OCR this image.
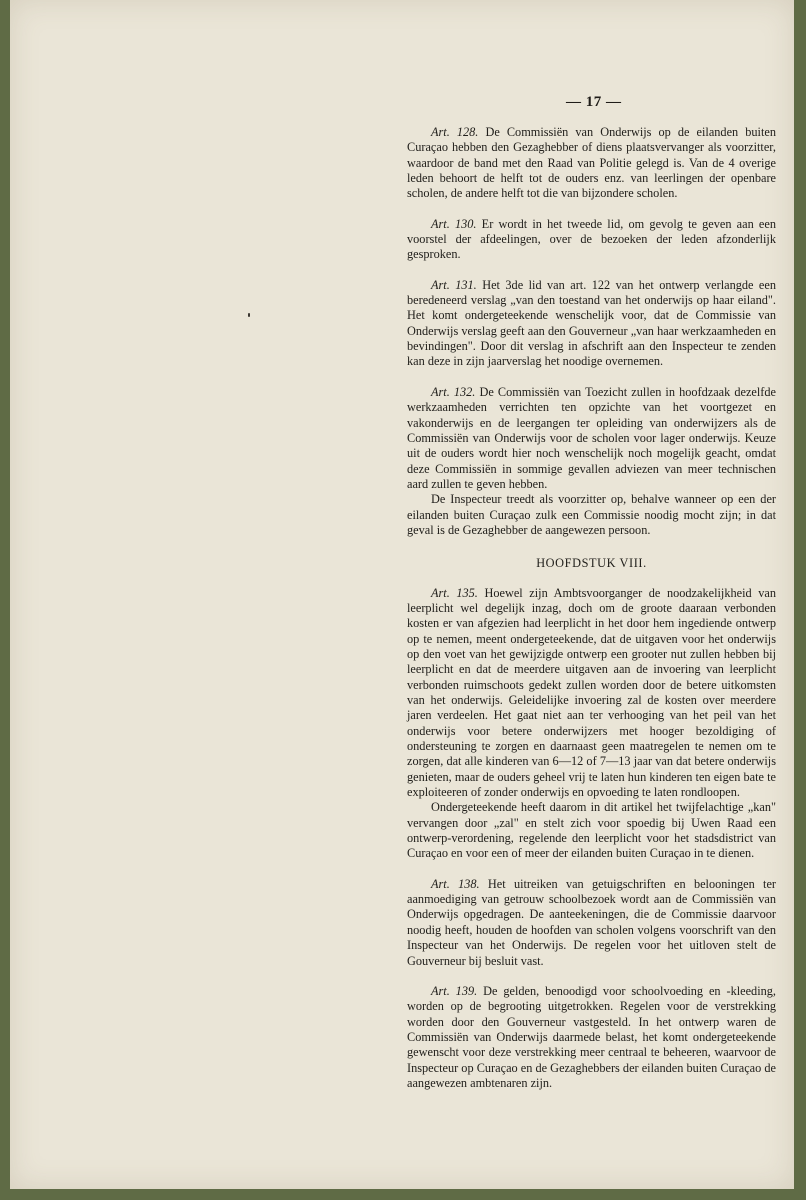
— 17 —

Art. 128. De Commissiën van Onderwijs op de eilanden buiten Curaçao hebben den Gezaghebber of diens plaatsvervanger als voorzitter, waardoor de band met den Raad van Politie gelegd is. Van de 4 overige leden behoort de helft tot de ouders enz. van leerlingen der openbare scholen, de andere helft tot die van bijzondere scholen.

Art. 130. Er wordt in het tweede lid, om gevolg te geven aan een voorstel der afdeelingen, over de bezoeken der leden afzonderlijk gesproken.

Art. 131. Het 3de lid van art. 122 van het ontwerp verlangde een beredeneerd verslag „van den toestand van het onderwijs op haar eiland". Het komt ondergeteekende wenschelijk voor, dat de Commissie van Onderwijs verslag geeft aan den Gouverneur „van haar werkzaamheden en bevindingen". Door dit verslag in afschrift aan den Inspecteur te zenden kan deze in zijn jaarverslag het noodige overnemen.

Art. 132. De Commissiën van Toezicht zullen in hoofdzaak dezelfde werkzaamheden verrichten ten opzichte van het voortgezet en vakonderwijs en de leergangen ter opleiding van onderwijzers als de Commissiën van Onderwijs voor de scholen voor lager onderwijs. Keuze uit de ouders wordt hier noch wenschelijk noch mogelijk geacht, omdat deze Commissiën in sommige gevallen adviezen van meer technischen aard zullen te geven hebben.

De Inspecteur treedt als voorzitter op, behalve wanneer op een der eilanden buiten Curaçao zulk een Commissie noodig mocht zijn; in dat geval is de Gezaghebber de aangewezen persoon.

HOOFDSTUK VIII.

Art. 135. Hoewel zijn Ambtsvoorganger de noodzakelijkheid van leerplicht wel degelijk inzag, doch om de groote daaraan verbonden kosten er van afgezien had leerplicht in het door hem ingediende ontwerp op te nemen, meent ondergeteekende, dat de uitgaven voor het onderwijs op den voet van het gewijzigde ontwerp een grooter nut zullen hebben bij leerplicht en dat de meerdere uitgaven aan de invoering van leerplicht verbonden ruimschoots gedekt zullen worden door de betere uitkomsten van het onderwijs. Geleidelijke invoering zal de kosten over meerdere jaren verdeelen. Het gaat niet aan ter verhooging van het peil van het onderwijs voor betere onderwijzers met hooger bezoldiging of ondersteuning te zorgen en daarnaast geen maatregelen te nemen om te zorgen, dat alle kinderen van 6—12 of 7—13 jaar van dat betere onderwijs genieten, maar de ouders geheel vrij te laten hun kinderen ten eigen bate te exploiteeren of zonder onderwijs en opvoeding te laten rondloopen.

Ondergeteekende heeft daarom in dit artikel het twijfelachtige „kan" vervangen door „zal" en stelt zich voor spoedig bij Uwen Raad een ontwerp-verordening, regelende den leerplicht voor het stadsdistrict van Curaçao en voor een of meer der eilanden buiten Curaçao in te dienen.

Art. 138. Het uitreiken van getuigschriften en belooningen ter aanmoediging van getrouw schoolbezoek wordt aan de Commissiën van Onderwijs opgedragen. De aanteekeningen, die de Commissie daarvoor noodig heeft, houden de hoofden van scholen volgens voorschrift van den Inspecteur van het Onderwijs. De regelen voor het uitloven stelt de Gouverneur bij besluit vast.

Art. 139. De gelden, benoodigd voor schoolvoeding en -kleeding, worden op de begrooting uitgetrokken. Regelen voor de verstrekking worden door den Gouverneur vastgesteld. In het ontwerp waren de Commissiën van Onderwijs daarmede belast, het komt ondergeteekende gewenscht voor deze verstrekking meer centraal te beheeren, waarvoor de Inspecteur op Curaçao en de Gezaghebbers der eilanden buiten Curaçao de aangewezen ambtenaren zijn.
